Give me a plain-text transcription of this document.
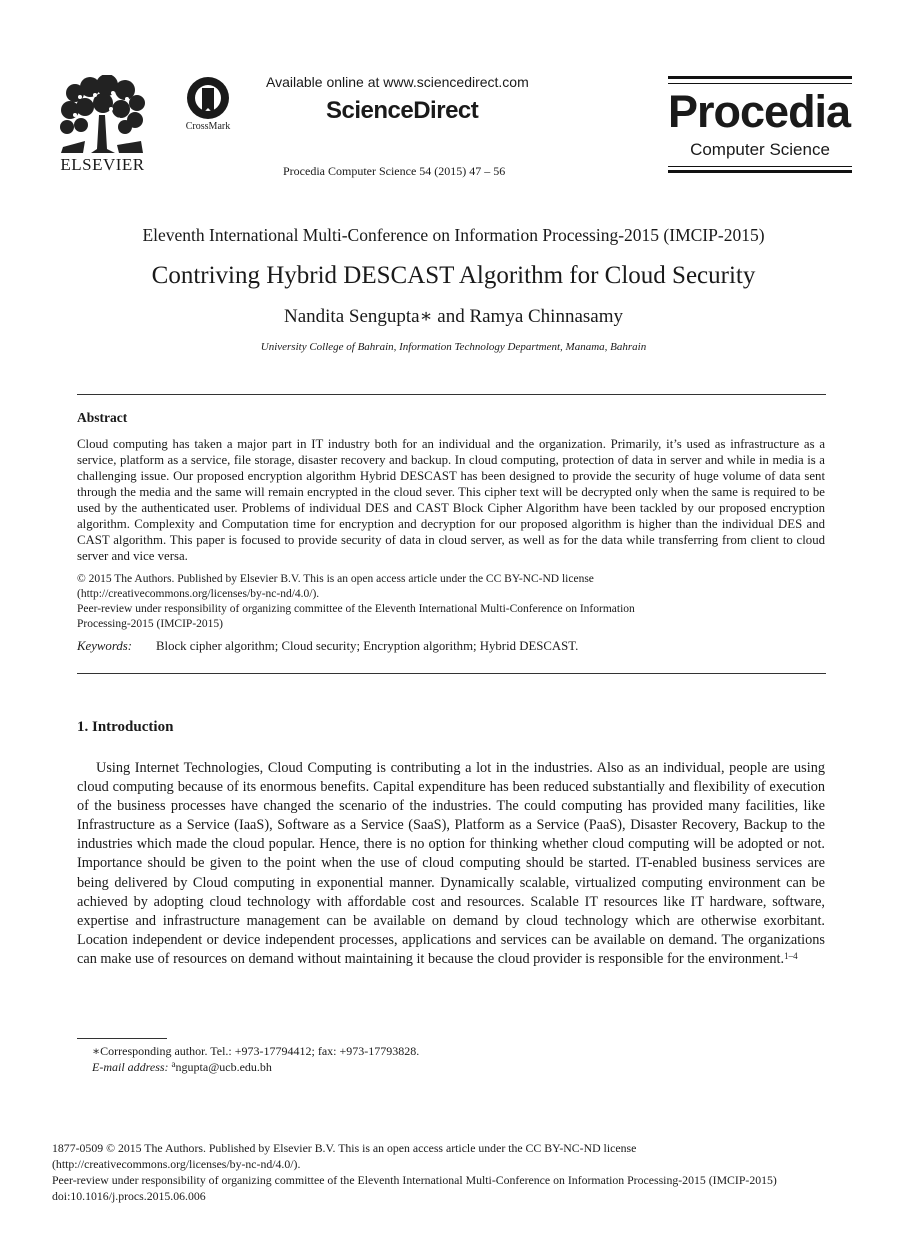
ELSEVIER
CrossMark
Available online at www.sciencedirect.com
ScienceDirect
Procedia Computer Science 54 (2015) 47 – 56
Procedia
Computer Science
Eleventh International Multi-Conference on Information Processing-2015 (IMCIP-2015)
Contriving Hybrid DESCAST Algorithm for Cloud Security
Nandita Sengupta∗ and Ramya Chinnasamy
University College of Bahrain, Information Technology Department, Manama, Bahrain
Abstract
Cloud computing has taken a major part in IT industry both for an individual and the organization. Primarily, it’s used as infrastructure as a service, platform as a service, file storage, disaster recovery and backup. In cloud computing, protection of data in server and while in media is a challenging issue. Our proposed encryption algorithm Hybrid DESCAST has been designed to provide the security of huge volume of data sent through the media and the same will remain encrypted in the cloud sever. This cipher text will be decrypted only when the same is required to be used by the authenticated user. Problems of individual DES and CAST Block Cipher Algorithm have been tackled by our proposed encryption algorithm. Complexity and Computation time for encryption and decryption for our proposed algorithm is higher than the individual DES and CAST algorithm. This paper is focused to provide security of data in cloud server, as well as for the data while transferring from client to cloud server and vice versa.
© 2015 The Authors. Published by Elsevier B.V. This is an open access article under the CC BY-NC-ND license
(http://creativecommons.org/licenses/by-nc-nd/4.0/).
Peer-review under responsibility of organizing committee of the Eleventh International Multi-Conference on Information
Processing-2015 (IMCIP-2015)
Keywords: Block cipher algorithm; Cloud security; Encryption algorithm; Hybrid DESCAST.
1. Introduction
Using Internet Technologies, Cloud Computing is contributing a lot in the industries. Also as an individual, people are using cloud computing because of its enormous benefits. Capital expenditure has been reduced substantially and flexibility of execution of the business processes have changed the scenario of the industries. The could computing has provided many facilities, like Infrastructure as a Service (IaaS), Software as a Service (SaaS), Platform as a Service (PaaS), Disaster Recovery, Backup to the industries which made the cloud popular. Hence, there is no option for thinking whether cloud computing will be adopted or not. Importance should be given to the point when the use of cloud computing should be started. IT-enabled business services are being delivered by Cloud computing in exponential manner. Dynamically scalable, virtualized computing environment can be achieved by adopting cloud technology with affordable cost and resources. Scalable IT resources like IT hardware, software, expertise and infrastructure management can be available on demand by cloud technology which are otherwise exorbitant. Location independent or device independent processes, applications and services can be available on demand. The organizations can make use of resources on demand without maintaining it because the cloud provider is responsible for the environment.$^{1-4}$
∗Corresponding author. Tel.: +973-17794412; fax: +973-17793828.
E-mail address: $^a$ngupta@ucb.edu.bh
1877-0509 © 2015 The Authors. Published by Elsevier B.V. This is an open access article under the CC BY-NC-ND license
(http://creativecommons.org/licenses/by-nc-nd/4.0/).
Peer-review under responsibility of organizing committee of the Eleventh International Multi-Conference on Information Processing-2015 (IMCIP-2015)
doi:10.1016/j.procs.2015.06.006
